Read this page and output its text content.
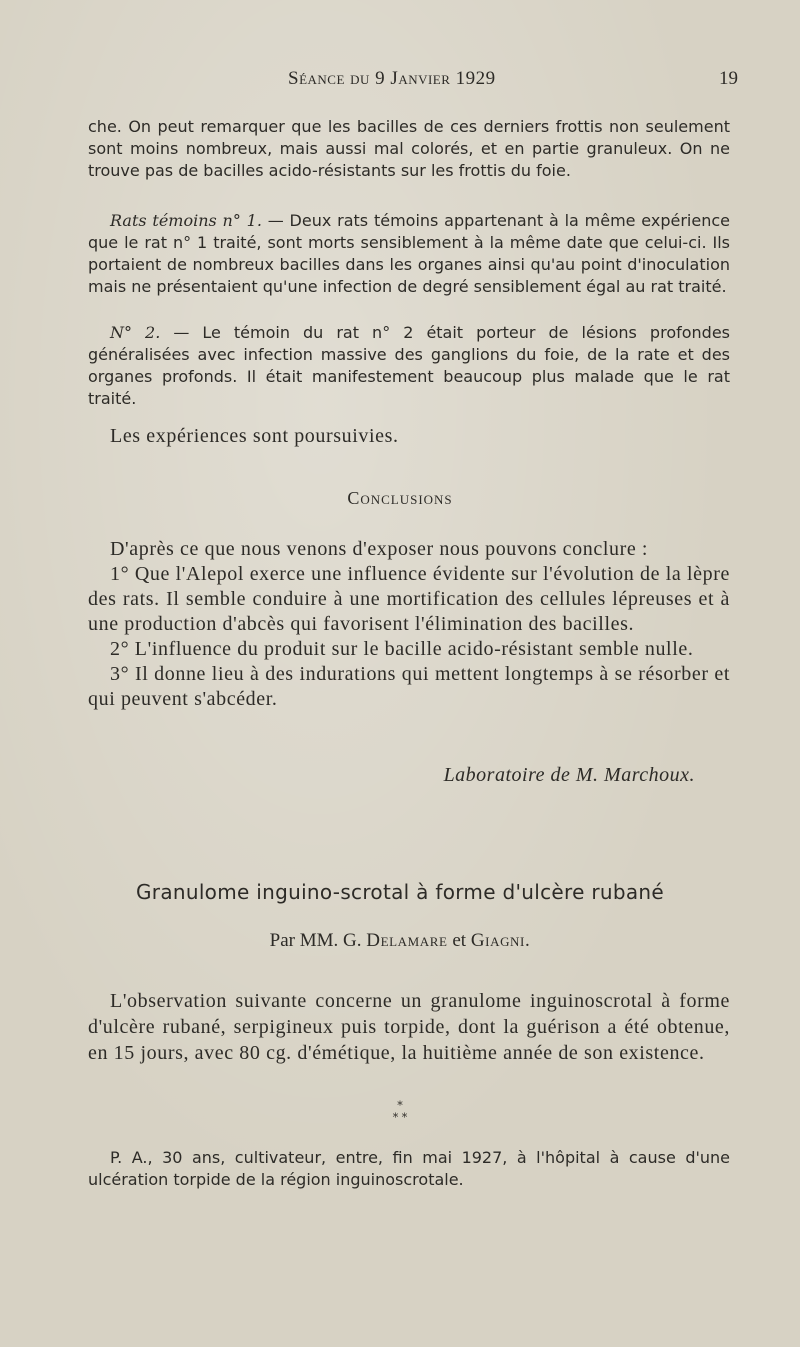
Séance du 9 Janvier 1929	19
che. On peut remarquer que les bacilles de ces derniers frottis non seulement sont moins nombreux, mais aussi mal colorés, et en partie granuleux. On ne trouve pas de bacilles acido-résistants sur les frottis du foie.
Rats témoins n° 1. — Deux rats témoins appartenant à la même expérience que le rat n° 1 traité, sont morts sensiblement à la même date que celui-ci. Ils portaient de nombreux bacilles dans les organes ainsi qu'au point d'inoculation mais ne présentaient qu'une infection de degré sensiblement égal au rat traité.
N° 2. — Le témoin du rat n° 2 était porteur de lésions profondes généralisées avec infection massive des ganglions du foie, de la rate et des organes profonds. Il était manifestement beaucoup plus malade que le rat traité.
Les expériences sont poursuivies.
Conclusions

D'après ce que nous venons d'exposer nous pouvons conclure :

1° Que l'Alepol exerce une influence évidente sur l'évolution de la lèpre des rats. Il semble conduire à une mortification des cellules lépreuses et à une production d'abcès qui favorisent l'élimination des bacilles.

2° L'influence du produit sur le bacille acido-résistant semble nulle.

3° Il donne lieu à des indurations qui mettent longtemps à se résorber et qui peuvent s'abcéder.

Laboratoire de M. Marchoux.
Granulome inguino-scrotal à forme d'ulcère rubané
Par MM. G. Delamare et Giagni.
L'observation suivante concerne un granulome inguinoscrotal à forme d'ulcère rubané, serpigineux puis torpide, dont la guérison a été obtenue, en 15 jours, avec 80 cg. d'émétique, la huitième année de son existence.
*
* *
P. A., 30 ans, cultivateur, entre, fin mai 1927, à l'hôpital à cause d'une ulcération torpide de la région inguinoscrotale.
